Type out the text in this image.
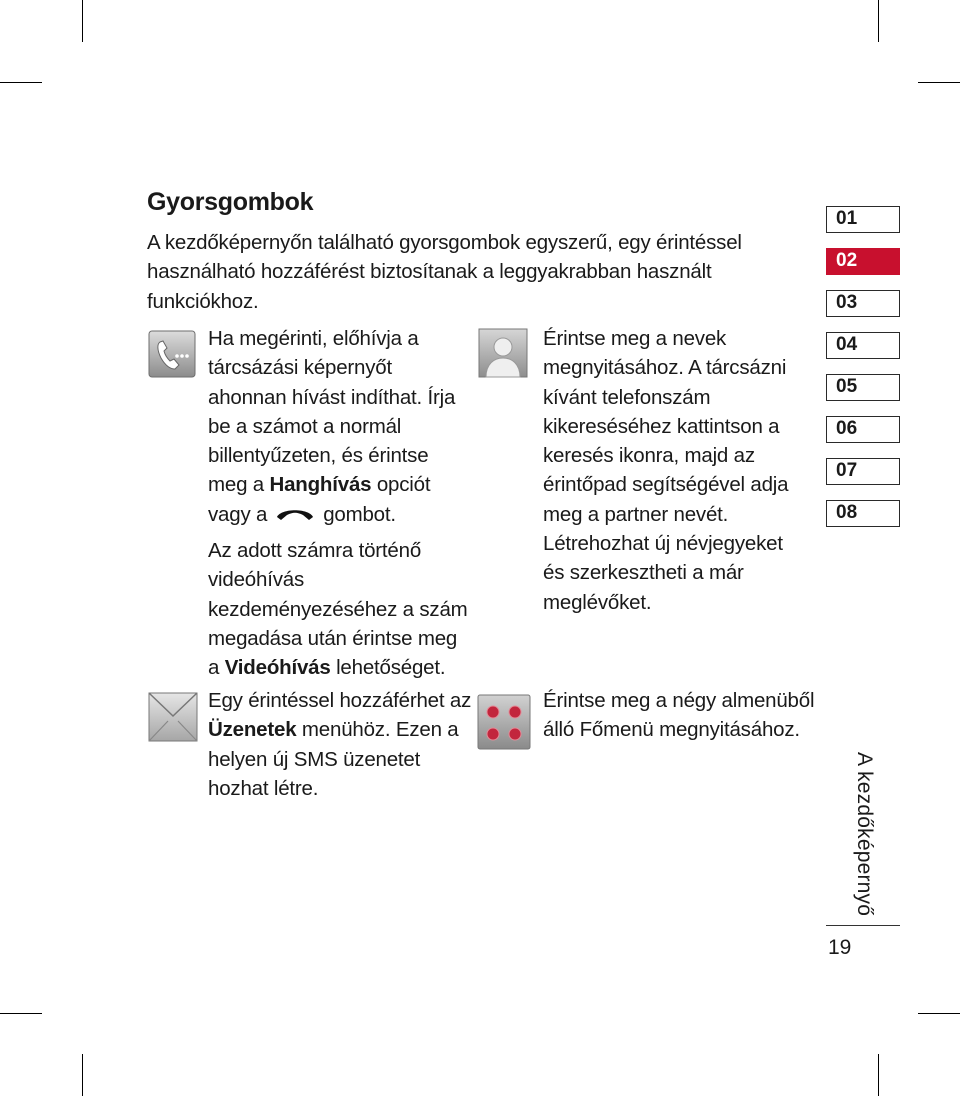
Gyorsgombok
A kezdőképernyőn található gyorsgombok egyszerű, egy érintéssel használható hozzáférést biztosítanak a leggyakrabban használt funkciókhoz.

Ha megérinti, előhívja a tárcsázási képernyőt ahonnan hívást indíthat. Írja be a számot a normál billentyűzeten, és érintse meg a Hanghívás opciót vagy a	gombot.

Az adott számra történő videóhívás kezdeményezéséhez a szám megadása után érintse meg a Videóhívás lehetőséget.

Egy érintéssel hozzáférhet az Üzenetek menühöz. Ezen a helyen új SMS üzenetet hozhat létre.

Érintse meg a nevek megnyitásához. A tárcsázni kívánt telefonszám kikereséséhez kattintson a keresés ikonra, majd az érintőpad segítségével adja meg a partner nevét. Létrehozhat új névjegyeket és szerkesztheti a már meglévőket.

Érintse meg a négy almenüből álló Főmenü megnyitásához.

01
02
03
04
05
06
07
08
A kezdőképernyő
19
